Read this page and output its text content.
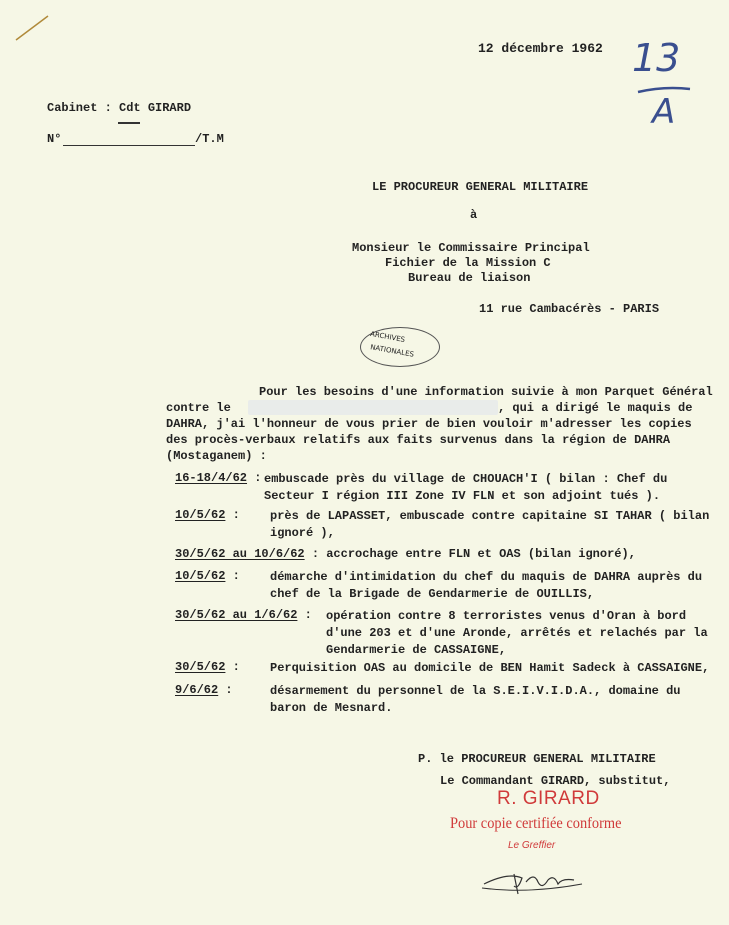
12 décembre 1962 13
A
Cabinet : Cdt GIRARD
N°	/T.M
LE PROCUREUR GENERAL MILITAIRE
à
Monsieur le Commissaire Principal
Fichier de la Mission C
Bureau de liaison
11 rue Cambacérès - PARIS
ARCHIVES
NATIONALES
Pour les besoins d'une information suivie à mon Parquet Général
contre le	, qui a dirigé le maquis de
DAHRA, j'ai l'honneur de vous prier de bien vouloir m'adresser les copies
des procès-verbaux relatifs aux faits survenus dans la région de DAHRA
(Mostaganem) :
16-18/4/62 : embuscade près du village de CHOUACH'I ( bilan : Chef du Secteur I région III Zone IV FLN et son adjoint tués ).
10/5/62 :	près de LAPASSET, embuscade contre capitaine SI TAHAR ( bilan ignoré ),
30/5/62 au 10/6/62 : accrochage entre FLN et OAS (bilan ignoré),
10/5/62 :	démarche d'intimidation du chef du maquis de DAHRA auprès du chef de la Brigade de Gendarmerie de OUILLIS,
30/5/62 au 1/6/62 : opération contre 8 terroristes venus d'Oran à bord d'une 203 et d'une Aronde, arrêtés et relachés par la Gendarmerie de CASSAIGNE,
30/5/62 :	Perquisition OAS au domicile de BEN Hamit Sadeck à CASSAIGNE,
9/6/62 :	désarmement du personnel de la S.E.I.V.I.D.A., domaine du baron de Mesnard.
P. le PROCUREUR GENERAL MILITAIRE
Le Commandant GIRARD, substitut,
R. GIRARD
Pour copie certifiée conforme
Le Greffier
